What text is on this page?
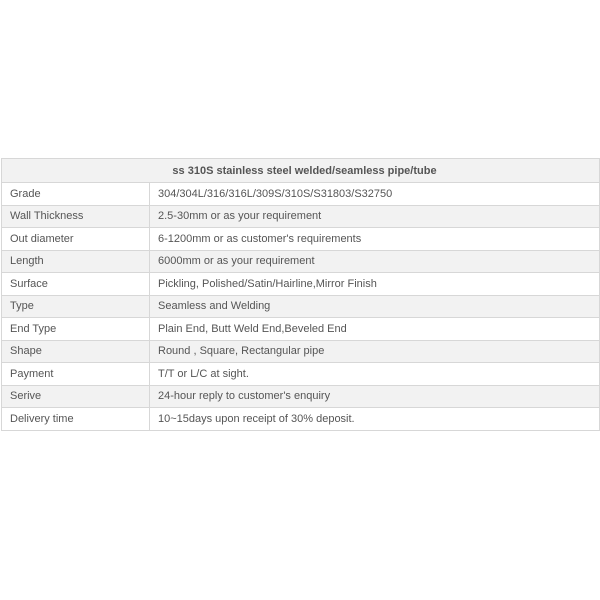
ss 310S stainless steel welded/seamless pipe/tube	
Grade	304/304L/316/316L/309S/310S/S31803/S32750
Wall Thickness	2.5-30mm or as your requirement
Out diameter	6-1200mm or as customer's requirements
Length	6000mm or as your requirement
Surface	Pickling, Polished/Satin/Hairline,Mirror Finish
Type	Seamless and Welding
End Type	Plain End, Butt Weld End,Beveled End
Shape	Round , Square, Rectangular pipe
Payment	T/T or L/C at sight.
Serive	24-hour reply to customer's enquiry
Delivery time	10~15days upon receipt of 30% deposit.
